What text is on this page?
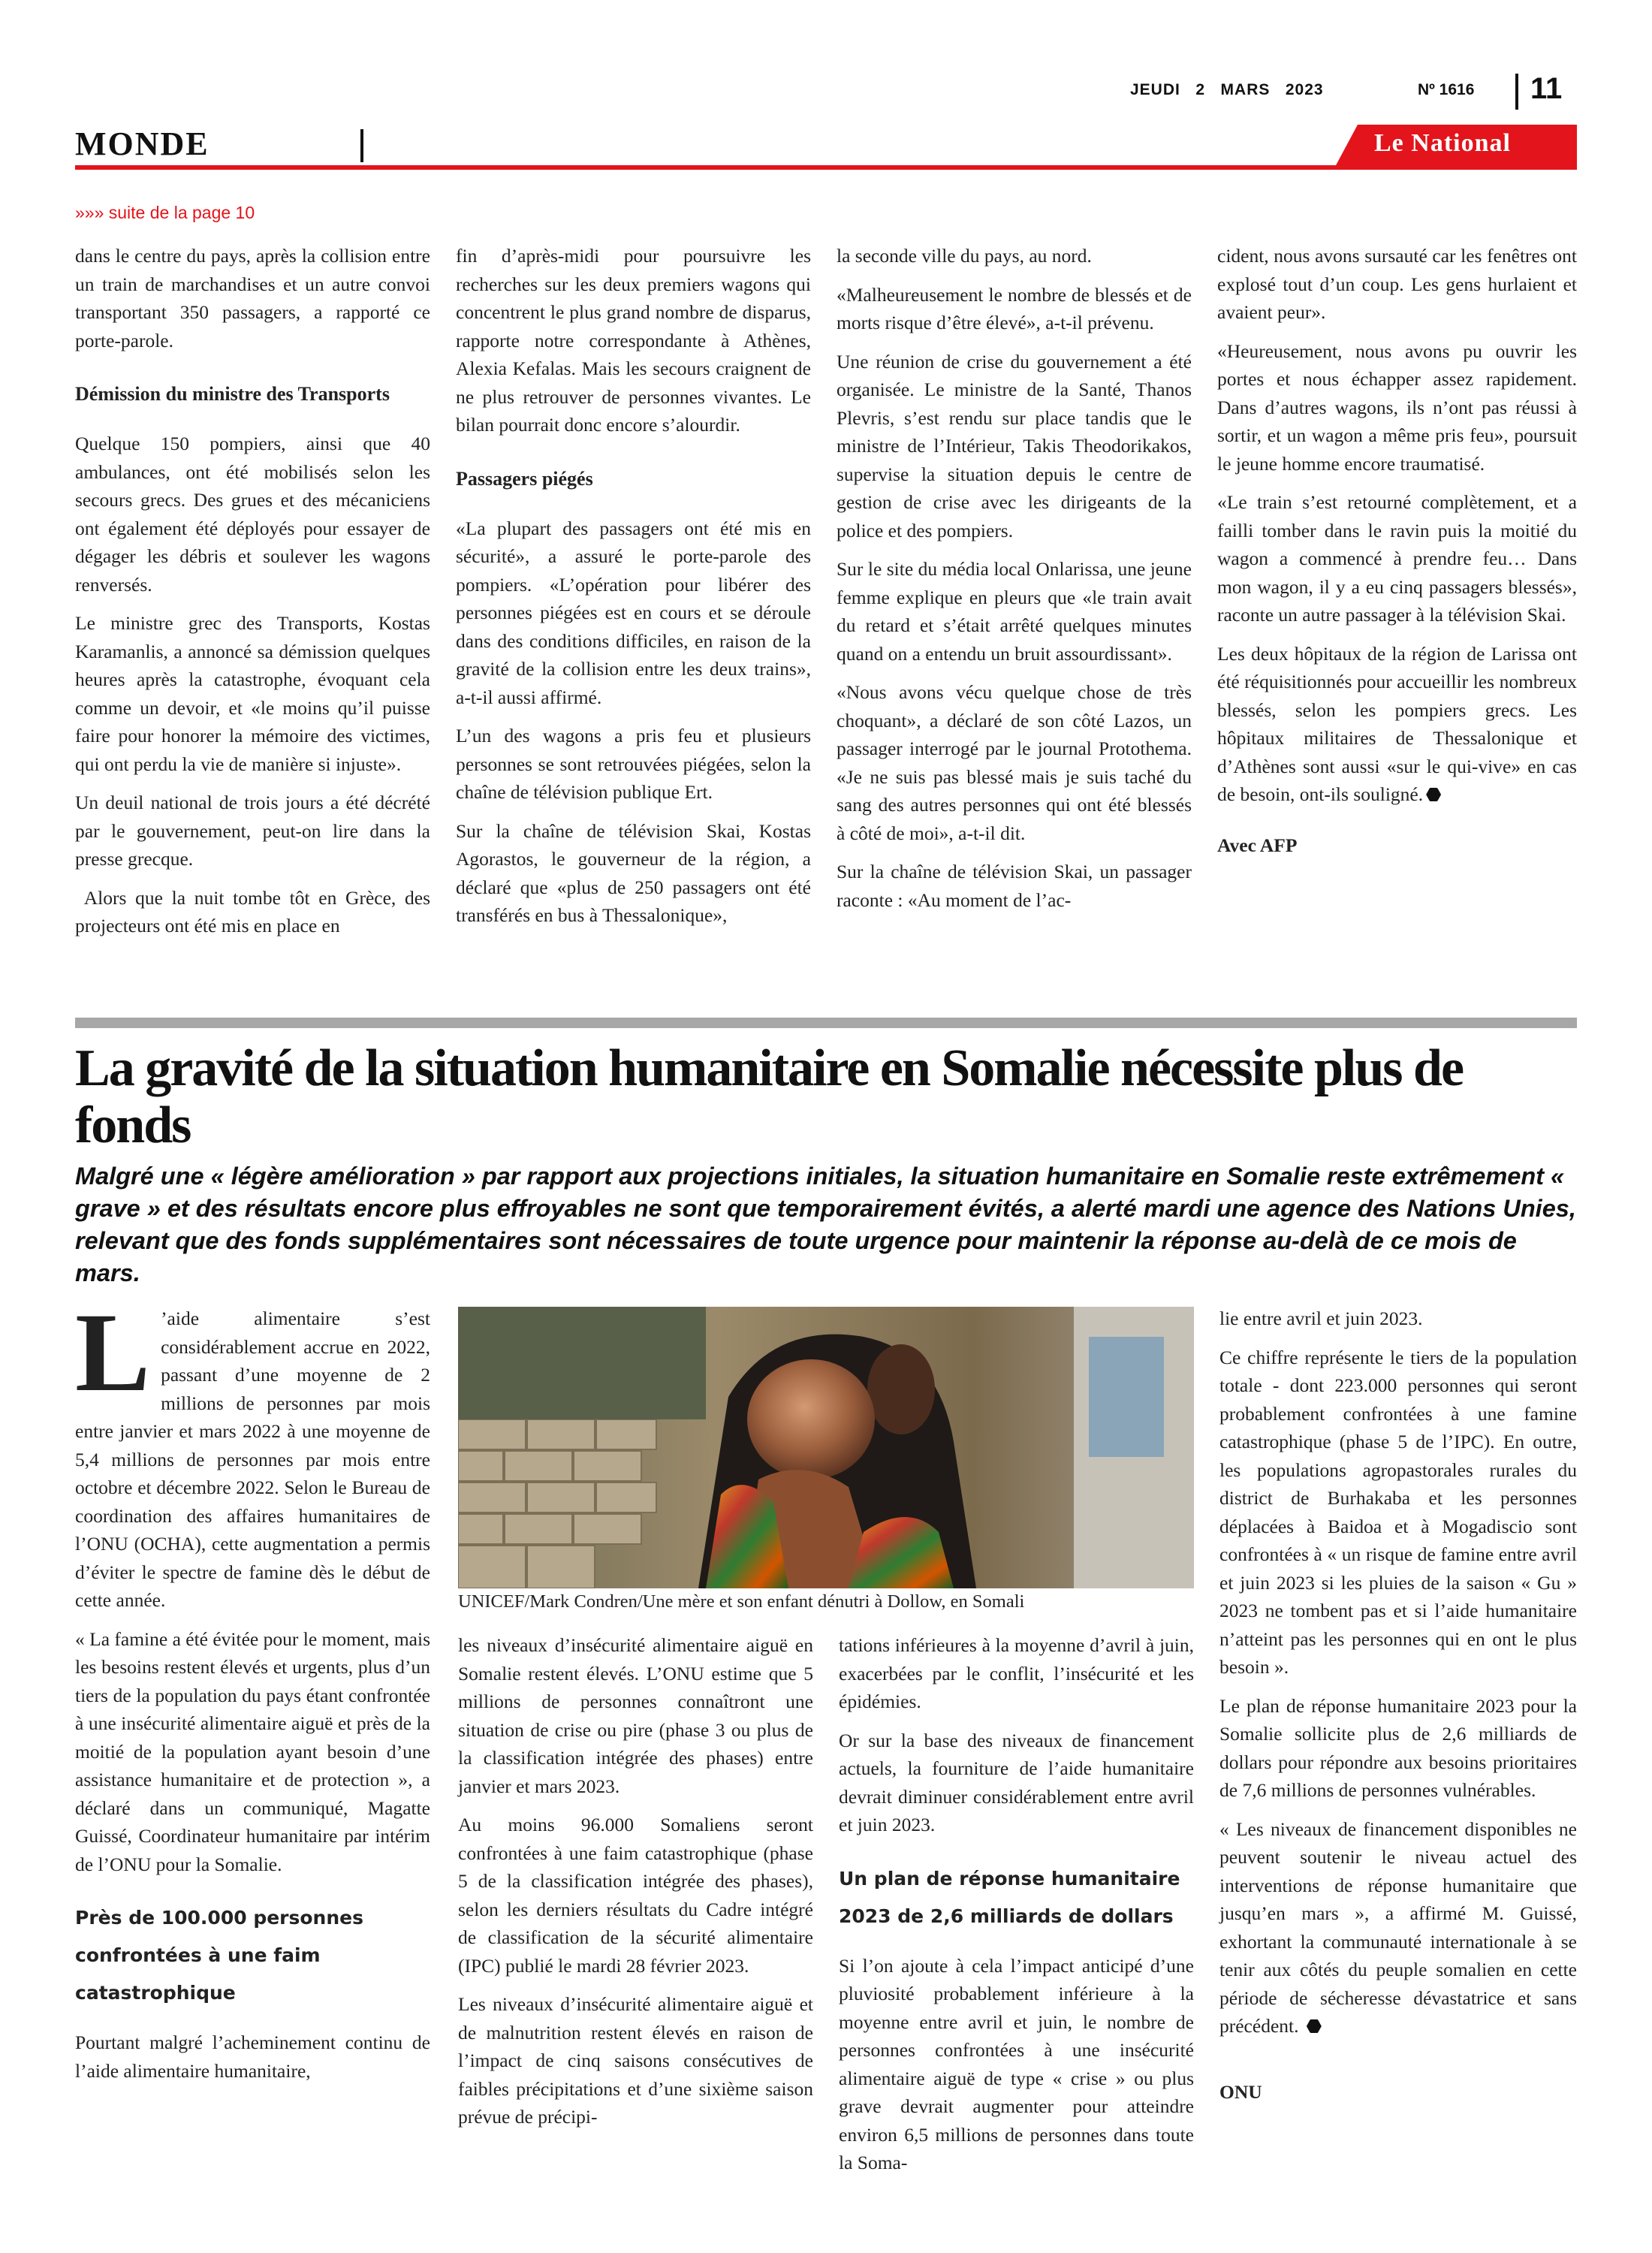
JEUDI   2   MARS   2023	Nº 1616 11
MONDE	Le National
»»» suite de la page 10

dans le centre du pays, après la collision entre un train de marchandises et un autre convoi transportant 350 passagers, a rapporté ce porte-parole.

Démission du ministre des Transports

Quelque 150 pompiers, ainsi que 40 ambulances, ont été mobilisés selon les secours grecs. Des grues et des mécaniciens ont également été déployés pour essayer de dégager les débris et soulever les wagons renversés.

Le ministre grec des Transports, Kostas Karamanlis, a annoncé sa démission quelques heures après la catastrophe, évoquant cela comme un devoir, et «le moins qu’il puisse faire pour honorer la mémoire des victimes, qui ont perdu la vie de manière si injuste».

Un deuil national de trois jours a été décrété par le gouvernement, peut-on lire dans la presse grecque.

Alors que la nuit tombe tôt en Grèce, des projecteurs ont été mis en place en

fin d’après-midi pour poursuivre les recherches sur les deux premiers wagons qui concentrent le plus grand nombre de disparus, rapporte notre correspondante à Athènes, Alexia Kefalas. Mais les secours craignent de ne plus retrouver de personnes vivantes. Le bilan pourrait donc encore s’alourdir.

Passagers piégés

«La plupart des passagers ont été mis en sécurité», a assuré le porte-parole des pompiers. «L’opération pour libérer des personnes piégées est en cours et se déroule dans des conditions difficiles, en raison de la gravité de la collision entre les deux trains», a-t-il aussi affirmé.

L’un des wagons a pris feu et plusieurs personnes se sont retrouvées piégées, selon la chaîne de télévision publique Ert.

Sur la chaîne de télévision Skai, Kostas Agorastos, le gouverneur de la région, a déclaré que «plus de 250 passagers ont été transférés en bus à Thessalonique»,

la seconde ville du pays, au nord.

«Malheureusement le nombre de blessés et de morts risque d’être élevé», a-t-il prévenu.

Une réunion de crise du gouvernement a été organisée. Le ministre de la Santé, Thanos Plevris, s’est rendu sur place tandis que le ministre de l’Intérieur, Takis Theodorikakos, supervise la situation depuis le centre de gestion de crise avec les dirigeants de la police et des pompiers.

Sur le site du média local Onlarissa, une jeune femme explique en pleurs que «le train avait du retard et s’était arrêté quelques minutes quand on a entendu un bruit assourdissant».

«Nous avons vécu quelque chose de très choquant», a déclaré de son côté Lazos, un passager interrogé par le journal Protothema. «Je ne suis pas blessé mais je suis taché du sang des autres personnes qui ont été blessés à côté de moi», a-t-il dit.

Sur la chaîne de télévision Skai, un passager raconte : «Au moment de l’ac-

cident, nous avons sursauté car les fenêtres ont explosé tout d’un coup. Les gens hurlaient et avaient peur».

«Heureusement, nous avons pu ouvrir les portes et nous échapper assez rapidement. Dans d’autres wagons, ils n’ont pas réussi à sortir, et un wagon a même pris feu», poursuit le jeune homme encore traumatisé.

«Le train s’est retourné complètement, et a failli tomber dans le ravin puis la moitié du wagon a commencé à prendre feu… Dans mon wagon, il y a eu cinq passagers blessés», raconte un autre passager à la télévision Skai.

Les deux hôpitaux de la région de Larissa ont été réquisitionnés pour accueillir les nombreux blessés, selon les pompiers grecs. Les hôpitaux militaires de Thessalonique et d’Athènes sont aussi «sur le qui-vive» en cas de besoin, ont-ils souligné.

Avec AFP

La gravité de la situation humanitaire en Somalie nécessite plus de fonds

Malgré une « légère amélioration » par rapport aux projections initiales, la situation humanitaire en Somalie reste extrêmement « grave » et des résultats encore plus effroyables ne sont que temporairement évités, a alerté mardi une agence des Nations Unies, relevant que des fonds supplémentaires sont nécessaires de toute urgence pour maintenir la réponse au-delà de ce mois de mars.

L ’aide alimentaire s’est considérablement accrue en 2022, passant d’une moyenne de 2 millions de personnes par mois entre janvier et mars 2022 à une moyenne de 5,4 millions de personnes par mois entre octobre et décembre 2022. Selon le Bureau de coordination des affaires humanitaires de l’ONU (OCHA), cette augmentation a permis d’éviter le spectre de famine dès le début de cette année.

« La famine a été évitée pour le moment, mais les besoins restent élevés et urgents, plus d’un tiers de la population du pays étant confrontée à une insécurité alimentaire aiguë et près de la moitié de la population ayant besoin d’une assistance humanitaire et de protection », a déclaré dans un communiqué, Magatte Guissé, Coordinateur humanitaire par intérim de l’ONU pour la Somalie.

Près de 100.000 personnes confrontées à une faim catastrophique

Pourtant malgré l’acheminement continu de l’aide alimentaire humanitaire,

UNICEF/Mark Condren/Une mère et son enfant dénutri à Dollow, en Somali

les niveaux d’insécurité alimentaire aiguë en Somalie restent élevés. L’ONU estime que 5 millions de personnes connaîtront une situation de crise ou pire (phase 3 ou plus de la classification intégrée des phases) entre janvier et mars 2023.

Au moins 96.000 Somaliens seront confrontées à une faim catastrophique (phase 5 de la classification intégrée des phases), selon les derniers résultats du Cadre intégré de classification de la sécurité alimentaire (IPC) publié le mardi 28 février 2023.

Les niveaux d’insécurité alimentaire aiguë et de malnutrition restent élevés en raison de l’impact de cinq saisons consécutives de faibles précipitations et d’une sixième saison prévue de précipi-

tations inférieures à la moyenne d’avril à juin, exacerbées par le conflit, l’insécurité et les épidémies.

Or sur la base des niveaux de financement actuels, la fourniture de l’aide humanitaire devrait diminuer considérablement entre avril et juin 2023.

Un plan de réponse humanitaire 2023 de 2,6 milliards de dollars

Si l’on ajoute à cela l’impact anticipé d’une pluviosité probablement inférieure à la moyenne entre avril et juin, le nombre de personnes confrontées à une insécurité alimentaire aiguë de type « crise » ou plus grave devrait augmenter pour atteindre environ 6,5 millions de personnes dans toute la Soma-

lie entre avril et juin 2023.

Ce chiffre représente le tiers de la population totale - dont 223.000 personnes qui seront probablement confrontées à une famine catastrophique (phase 5 de l’IPC). En outre, les populations agropastorales rurales du district de Burhakaba et les personnes déplacées à Baidoa et à Mogadiscio sont confrontées à « un risque de famine entre avril et juin 2023 si les pluies de la saison « Gu » 2023 ne tombent pas et si l’aide humanitaire n’atteint pas les personnes qui en ont le plus besoin ».

Le plan de réponse humanitaire 2023 pour la Somalie sollicite plus de 2,6 milliards de dollars pour répondre aux besoins prioritaires de 7,6 millions de personnes vulnérables.

« Les niveaux de financement disponibles ne peuvent soutenir le niveau actuel des interventions de réponse humanitaire que jusqu’en mars », a affirmé M. Guissé, exhortant la communauté internationale à se tenir aux côtés du peuple somalien en cette période de sécheresse dévastatrice et sans précédent.

ONU
